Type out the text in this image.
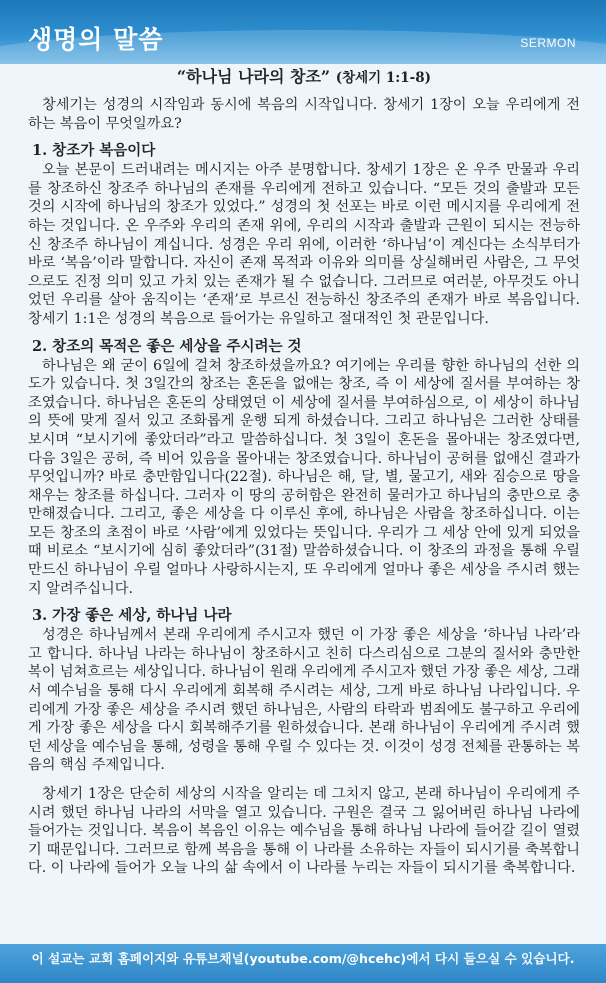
생명의 말씀	SERMON
“하나님 나라의 창조” (창세기 1:1-8)

창세기는 성경의 시작임과 동시에 복음의 시작입니다. 창세기 1장이 오늘 우리에게 전하는 복음이 무엇일까요?

1. 창조가 복음이다

오늘 본문이 드러내려는 메시지는 아주 분명합니다. 창세기 1장은 온 우주 만물과 우리를 창조하신 창조주 하나님의 존재를 우리에게 전하고 있습니다. “모든 것의 출발과 모든 것의 시작에 하나님의 창조가 있었다.” 성경의 첫 선포는 바로 이런 메시지를 우리에게 전하는 것입니다. 온 우주와 우리의 존재 위에, 우리의 시작과 출발과 근원이 되시는 전능하신 창조주 하나님이 계십니다. 성경은 우리 위에, 이러한 ‘하나님’이 계신다는 소식부터가 바로 ‘복음’이라 말합니다. 자신이 존재 목적과 이유와 의미를 상실해버린 사람은, 그 무엇으로도 진정 의미 있고 가치 있는 존재가 될 수 없습니다. 그러므로 여러분, 아무것도 아니었던 우리를 살아 움직이는 ‘존재’로 부르신 전능하신 창조주의 존재가 바로 복음입니다. 창세기 1:1은 성경의 복음으로 들어가는 유일하고 절대적인 첫 관문입니다.

2. 창조의 목적은 좋은 세상을 주시려는 것

하나님은 왜 굳이 6일에 걸쳐 창조하셨을까요? 여기에는 우리를 향한 하나님의 선한 의도가 있습니다. 첫 3일간의 창조는 혼돈을 없애는 창조, 즉 이 세상에 질서를 부여하는 창조였습니다. 하나님은 혼돈의 상태였던 이 세상에 질서를 부여하심으로, 이 세상이 하나님의 뜻에 맞게 질서 있고 조화롭게 운행 되게 하셨습니다. 그리고 하나님은 그러한 상태를 보시며 “보시기에 좋았더라”라고 말씀하십니다. 첫 3일이 혼돈을 몰아내는 창조였다면, 다음 3일은 공허, 즉 비어 있음을 몰아내는 창조였습니다. 하나님이 공허를 없애신 결과가 무엇입니까? 바로 충만함입니다(22절). 하나님은 해, 달, 별, 물고기, 새와 짐승으로 땅을 채우는 창조를 하십니다. 그러자 이 땅의 공허함은 완전히 물러가고 하나님의 충만으로 충만해졌습니다. 그리고, 좋은 세상을 다 이루신 후에, 하나님은 사람을 창조하십니다. 이는 모든 창조의 초점이 바로 ‘사람’에게 있었다는 뜻입니다. 우리가 그 세상 안에 있게 되었을 때 비로소 “보시기에 심히 좋았더라”(31절) 말씀하셨습니다. 이 창조의 과정을 통해 우릴 만드신 하나님이 우릴 얼마나 사랑하시는지, 또 우리에게 얼마나 좋은 세상을 주시려 했는지 알려주십니다.

3. 가장 좋은 세상, 하나님 나라

성경은 하나님께서 본래 우리에게 주시고자 했던 이 가장 좋은 세상을 ‘하나님 나라’라고 합니다. 하나님 나라는 하나님이 창조하시고 친히 다스리심으로 그분의 질서와 충만한 복이 넘쳐흐르는 세상입니다. 하나님이 원래 우리에게 주시고자 했던 가장 좋은 세상, 그래서 예수님을 통해 다시 우리에게 회복해 주시려는 세상, 그게 바로 하나님 나라입니다. 우리에게 가장 좋은 세상을 주시려 했던 하나님은, 사람의 타락과 범죄에도 불구하고 우리에게 가장 좋은 세상을 다시 회복해주기를 원하셨습니다. 본래 하나님이 우리에게 주시려 했던 세상을 예수님을 통해, 성령을 통해 우릴 수 있다는 것. 이것이 성경 전체를 관통하는 복음의 핵심 주제입니다.

창세기 1장은 단순히 세상의 시작을 알리는 데 그치지 않고, 본래 하나님이 우리에게 주시려 했던 하나님 나라의 서막을 열고 있습니다. 구원은 결국 그 잃어버린 하나님 나라에 들어가는 것입니다. 복음이 복음인 이유는 예수님을 통해 하나님 나라에 들어갈 길이 열렸기 때문입니다. 그러므로 함께 복음을 통해 이 나라를 소유하는 자들이 되시기를 축복합니다. 이 나라에 들어가 오늘 나의 삶 속에서 이 나라를 누리는 자들이 되시기를 축복합니다.

이 설교는 교회 홈페이지와 유튜브채널(youtube.com/@hcehc)에서 다시 들으실 수 있습니다.
